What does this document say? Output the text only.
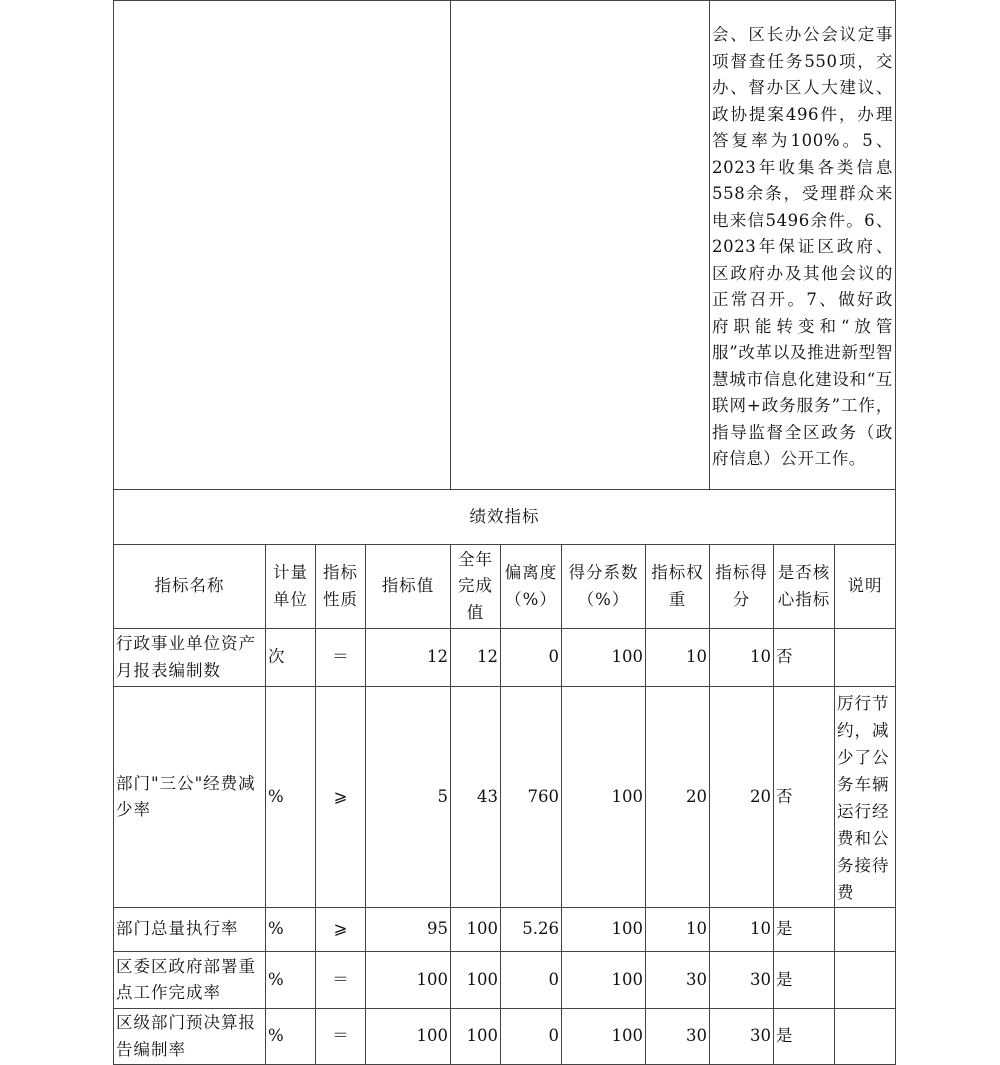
								会、区长办公会议定事项督查任务550项，交办、督办区人大建议、政协提案496件，办理答复率为100%。5、2023年收集各类信息558余条，受理群众来电来信5496余件。6、2023年保证区政府、区政府办及其他会议的正常召开。7、做好政府职能转变和“放管服”改革以及推进新型智慧城市信息化建设和“互联网+政务服务”工作，指导监督全区政务（政府信息）公开工作。		
绩效指标										
指标名称	计量单位	指标性质	指标值	全年完成值	偏离度（%）	得分系数（%）	指标权重	指标得分	是否核心指标	说明
行政事业单位资产月报表编制数	次	＝	12	12	0	100	10	10	否	
部门"三公"经费减少率	%	⩾	5	43	760	100	20	20	否	厉行节约，减少了公务车辆运行经费和公务接待费
部门总量执行率	%	⩾	95	100	5.26	100	10	10	是	
区委区政府部署重点工作完成率	%	＝	100	100	0	100	30	30	是	
区级部门预决算报告编制率	%	＝	100	100	0	100	30	30	是	
